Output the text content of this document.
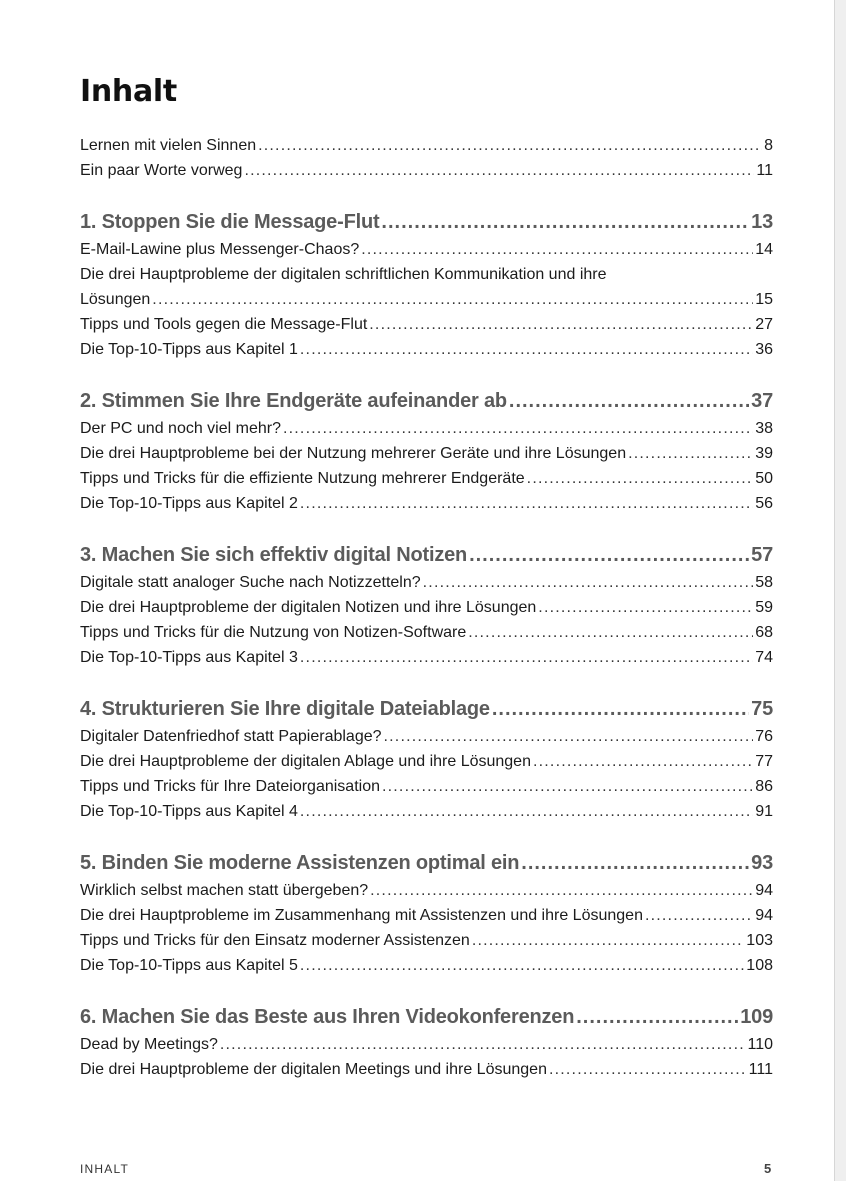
Inhalt
Lernen mit vielen Sinnen .....	8
Ein paar Worte vorweg .....	11
1. Stoppen Sie die Message-Flut .....	13
E-Mail-Lawine plus Messenger-Chaos? .....	14
Die drei Hauptprobleme der digitalen schriftlichen Kommunikation und ihre
Lösungen .....	15
Tipps und Tools gegen die Message-Flut .....	27
Die Top-10-Tipps aus Kapitel 1 .....	36
2. Stimmen Sie Ihre Endgeräte aufeinander ab .....	37
Der PC und noch viel mehr? .....	38
Die drei Hauptprobleme bei der Nutzung mehrerer Geräte und ihre Lösungen .....	39
Tipps und Tricks für die effiziente Nutzung mehrerer Endgeräte .....	50
Die Top-10-Tipps aus Kapitel 2 .....	56
3. Machen Sie sich effektiv digital Notizen .....	57
Digitale statt analoger Suche nach Notizzetteln? .....	58
Die drei Hauptprobleme der digitalen Notizen und ihre Lösungen .....	59
Tipps und Tricks für die Nutzung von Notizen-Software .....	68
Die Top-10-Tipps aus Kapitel 3 .....	74
4. Strukturieren Sie Ihre digitale Dateiablage .....	75
Digitaler Datenfriedhof statt Papierablage? .....	76
Die drei Hauptprobleme der digitalen Ablage und ihre Lösungen .....	77
Tipps und Tricks für Ihre Dateiorganisation .....	86
Die Top-10-Tipps aus Kapitel 4 .....	91
5. Binden Sie moderne Assistenzen optimal ein .....	93
Wirklich selbst machen statt übergeben? .....	94
Die drei Hauptprobleme im Zusammenhang mit Assistenzen und ihre Lösungen .....	94
Tipps und Tricks für den Einsatz moderner Assistenzen .....	103
Die Top-10-Tipps aus Kapitel 5 .....	108
6. Machen Sie das Beste aus Ihren Videokonferenzen .....	109
Dead by Meetings? .....	110
Die drei Hauptprobleme der digitalen Meetings und ihre Lösungen .....	111
INHALT	5
